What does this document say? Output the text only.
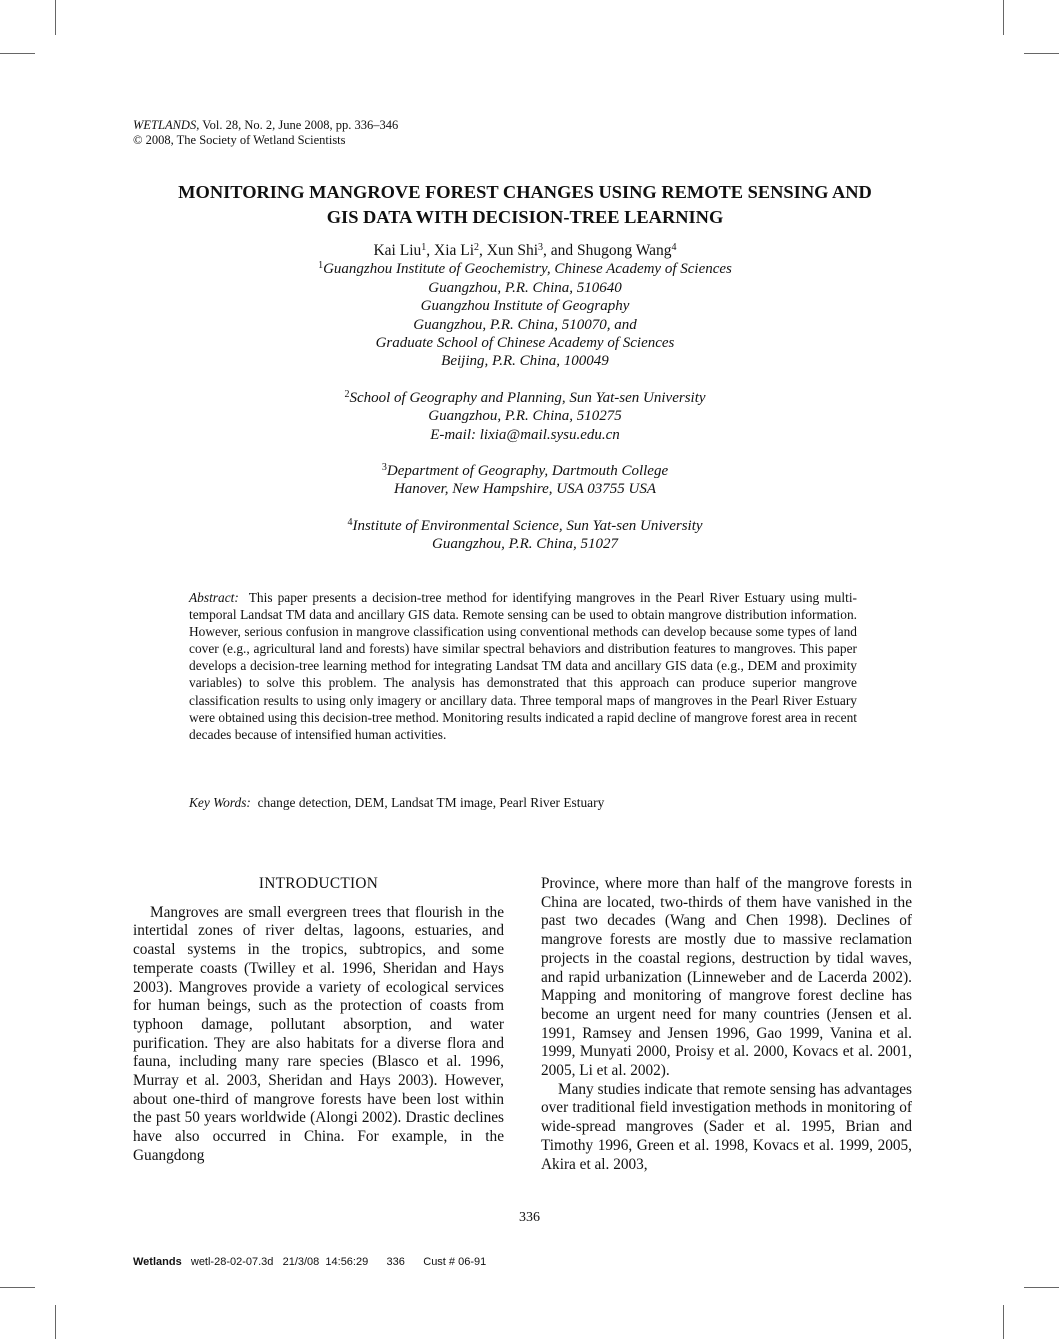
WETLANDS, Vol. 28, No. 2, June 2008, pp. 336–346
© 2008, The Society of Wetland Scientists
MONITORING MANGROVE FOREST CHANGES USING REMOTE SENSING AND
GIS DATA WITH DECISION-TREE LEARNING
Kai Liu$^1$, Xia Li$^2$, Xun Shi$^3$, and Shugong Wang$^4$
$^1$Guangzhou Institute of Geochemistry, Chinese Academy of Sciences
Guangzhou, P.R. China, 510640
Guangzhou Institute of Geography
Guangzhou, P.R. China, 510070, and
Graduate School of Chinese Academy of Sciences
Beijing, P.R. China, 100049
$^2$School of Geography and Planning, Sun Yat-sen University
Guangzhou, P.R. China, 510275
E-mail: lixia@mail.sysu.edu.cn
$^3$Department of Geography, Dartmouth College
Hanover, New Hampshire, USA 03755 USA
$^4$Institute of Environmental Science, Sun Yat-sen University
Guangzhou, P.R. China, 51027
Abstract: This paper presents a decision-tree method for identifying mangroves in the Pearl River Estuary using multi-temporal Landsat TM data and ancillary GIS data. Remote sensing can be used to obtain mangrove distribution information. However, serious confusion in mangrove classification using conventional methods can develop because some types of land cover (e.g., agricultural land and forests) have similar spectral behaviors and distribution features to mangroves. This paper develops a decision-tree learning method for integrating Landsat TM data and ancillary GIS data (e.g., DEM and proximity variables) to solve this problem. The analysis has demonstrated that this approach can produce superior mangrove classification results to using only imagery or ancillary data. Three temporal maps of mangroves in the Pearl River Estuary were obtained using this decision-tree method. Monitoring results indicated a rapid decline of mangrove forest area in recent decades because of intensified human activities.
Key Words: change detection, DEM, Landsat TM image, Pearl River Estuary
INTRODUCTION

Mangroves are small evergreen trees that flourish in the intertidal zones of river deltas, lagoons, estuaries, and coastal systems in the tropics, subtropics, and some temperate coasts (Twilley et al. 1996, Sheridan and Hays 2003). Mangroves provide a variety of ecological services for human beings, such as the protection of coasts from typhoon damage, pollutant absorption, and water purification. They are also habitats for a diverse flora and fauna, including many rare species (Blasco et al. 1996, Murray et al. 2003, Sheridan and Hays 2003). However, about one-third of mangrove forests have been lost within the past 50 years worldwide (Alongi 2002). Drastic declines have also occurred in China. For example, in the Guangdong

Province, where more than half of the mangrove forests in China are located, two-thirds of them have vanished in the past two decades (Wang and Chen 1998). Declines of mangrove forests are mostly due to massive reclamation projects in the coastal regions, destruction by tidal waves, and rapid urbanization (Linneweber and de Lacerda 2002). Mapping and monitoring of mangrove forest decline has become an urgent need for many countries (Jensen et al. 1991, Ramsey and Jensen 1996, Gao 1999, Vanina et al. 1999, Munyati 2000, Proisy et al. 2000, Kovacs et al. 2001, 2005, Li et al. 2002).

Many studies indicate that remote sensing has advantages over traditional field investigation methods in monitoring of wide-spread mangroves (Sader et al. 1995, Brian and Timothy 1996, Green et al. 1998, Kovacs et al. 1999, 2005, Akira et al. 2003,

336
Wetlands   wetl-28-02-07.3d   21/3/08  14:56:29      336      Cust # 06-91
